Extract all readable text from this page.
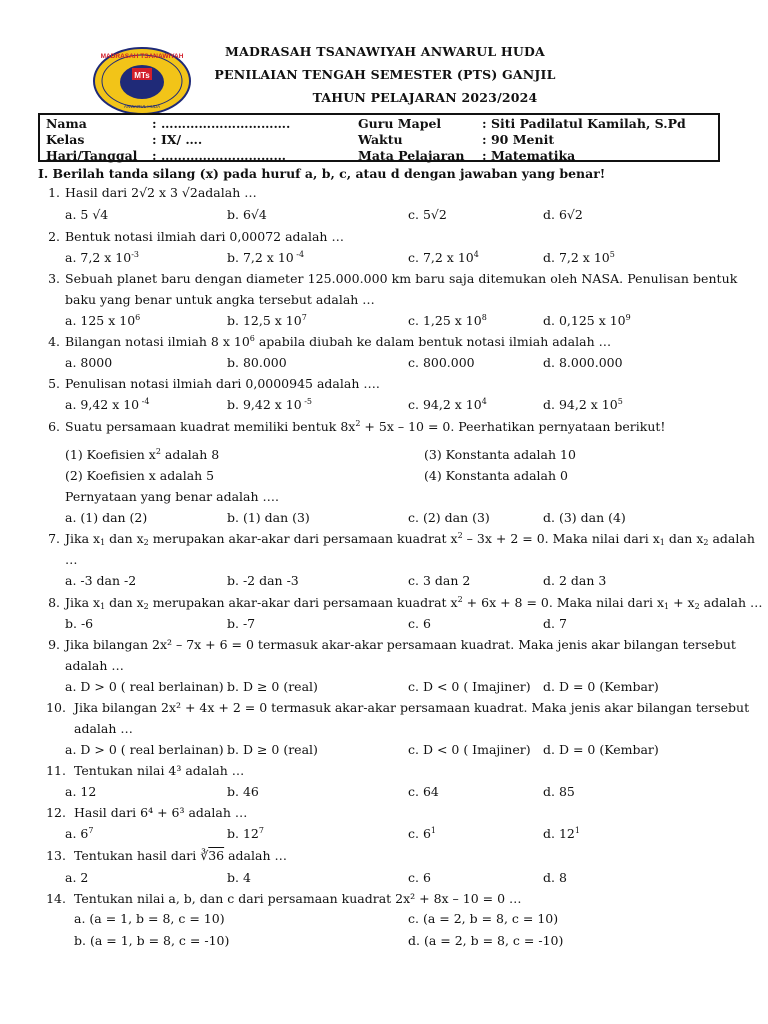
MTs
MADRASAH TSANAWIYAH
ANWARUL HUDA
MADRASAH TSANAWIYAH ANWARUL HUDA
PENILAIAN TENGAH SEMESTER (PTS) GANJIL
TAHUN PELAJARAN 2023/2024
Nama	: ………………………….	Guru Mapel	: Siti Padilatul Kamilah, S.Pd
Kelas	: IX/ ….	Waktu	: 90 Menit
Hari/Tanggal : …………………………	Mata Pelajaran : Matematika
I. Berilah tanda silang (x) pada huruf a, b, c, atau d dengan jawaban yang benar!
1. Hasil dari 2√2 x 3 √2adalah …
a. 5 √4	b. 6√4	c. 5√2	d. 6√2
2. Bentuk notasi ilmiah dari 0,00072 adalah …
a. 7,2 x $10^{-3}$	b. 7,2 x 10 $^{-4}$	c. 7,2 x $10^4$	d. 7,2 x $10^5$
3. Sebuah planet baru dengan diameter 125.000.000 km baru saja ditemukan oleh NASA. Penulisan bentuk
baku yang benar untuk angka tersebut adalah …
a. 125 x $10^6$	b. 12,5 x $10^7$	c. 1,25 x $10^8$	d. 0,125 x $10^9$
4. Bilangan notasi ilmiah 8 x $10^6$ apabila diubah ke dalam bentuk notasi ilmiah adalah …
a. 8000	b. 80.000	c. 800.000	d. 8.000.000
5. Penulisan notasi ilmiah dari 0,0000945 adalah ….
a. 9,42 x 10 $^{-4}$	b. 9,42 x 10 $^{-5}$	c. 94,2 x $10^4$	d. 94,2 x $10^5$
6. Suatu persamaan kuadrat memiliki bentuk $8x^2 + 5x - 10 = 0$. Peerhatikan pernyataan berikut!
(1) Koefisien $x^2$ adalah 8	(3) Konstanta adalah 10
(2) Koefisien x adalah 5	(4) Konstanta adalah 0
Pernyataan yang benar adalah ….
a. (1) dan (2)	b. (1) dan (3)	c. (2) dan (3)	d. (3) dan (4)
7. Jika $x_1$ dan $x_2$ merupakan akar-akar dari persamaan kuadrat $x^2 - 3x + 2 = 0$. Maka nilai dari $x_1$ dan $x_2$ adalah
…
a. -3 dan -2	b. -2 dan -3	c. 3 dan 2	d. 2 dan 3
8. Jika $x_1$ dan $x_2$ merupakan akar-akar dari persamaan kuadrat $x^2 + 6x + 8 = 0$. Maka nilai dari $x_1 + x_2$ adalah …
b. -6	b. -7	c. 6	d. 7
9. Jika bilangan 2x² – 7x + 6 = 0 termasuk akar-akar persamaan kuadrat. Maka jenis akar bilangan tersebut
adalah …
a. D > 0 ( real berlainan) b. D ≥ 0 (real)	c. D < 0 ( Imajiner) d. D = 0 (Kembar)
10. Jika bilangan 2x² + 4x + 2 = 0 termasuk akar-akar persamaan kuadrat. Maka jenis akar bilangan tersebut
adalah …
a. D > 0 ( real berlainan) b. D ≥ 0 (real)	c. D < 0 ( Imajiner) d. D = 0 (Kembar)
11. Tentukan nilai 4³ adalah …
a. 12	b. 46	c. 64	d. 85
12. Hasil dari 6⁴ + 6³ adalah …
a. $6^7$	b. $12^7$	c. $6^1$	d. $12^1$
13. Tentukan hasil dari ∛36 adalah …
a. 2	b. 4	c. 6	d. 8
14. Tentukan nilai a, b, dan c dari persamaan kuadrat 2x² + 8x – 10 = 0 …
a. (a = 1, b = 8, c = 10)	c. (a = 2, b = 8, c = 10)
b. (a = 1, b = 8, c = -10)	d. (a = 2, b = 8, c = -10)
